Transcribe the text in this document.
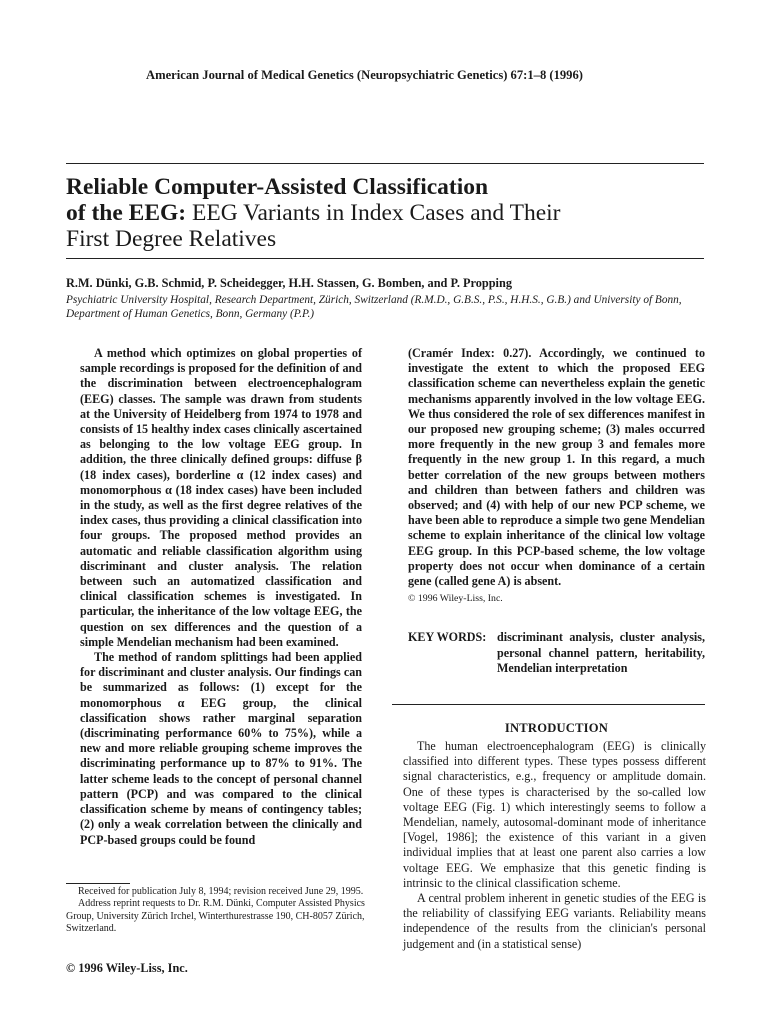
American Journal of Medical Genetics (Neuropsychiatric Genetics) 67:1–8 (1996)
Reliable Computer-Assisted Classification
of the EEG: EEG Variants in Index Cases and Their
First Degree Relatives
R.M. Dünki, G.B. Schmid, P. Scheidegger, H.H. Stassen, G. Bomben, and P. Propping
Psychiatric University Hospital, Research Department, Zürich, Switzerland (R.M.D., G.B.S., P.S., H.H.S., G.B.) and University of Bonn, Department of Human Genetics, Bonn, Germany (P.P.)

A method which optimizes on global properties of sample recordings is proposed for the definition of and the discrimination between electroencephalogram (EEG) classes. The sample was drawn from students at the University of Heidelberg from 1974 to 1978 and consists of 15 healthy index cases clinically ascertained as belonging to the low voltage EEG group. In addition, the three clinically defined groups: diffuse β (18 index cases), borderline α (12 index cases) and monomorphous α (18 index cases) have been included in the study, as well as the first degree relatives of the index cases, thus providing a clinical classification into four groups. The proposed method provides an automatic and reliable classification algorithm using discriminant and cluster analysis. The relation between such an automatized classification and clinical classification schemes is investigated. In particular, the inheritance of the low voltage EEG, the question on sex differences and the question of a simple Mendelian mechanism had been examined.

The method of random splittings had been applied for discriminant and cluster analysis. Our findings can be summarized as follows: (1) except for the monomorphous α EEG group, the clinical classification shows rather marginal separation (discriminating performance 60% to 75%), while a new and more reliable grouping scheme improves the discriminating performance up to 87% to 91%. The latter scheme leads to the concept of personal channel pattern (PCP) and was compared to the clinical classification scheme by means of contingency tables; (2) only a weak correlation between the clinically and PCP-based groups could be found

(Cramér Index: 0.27). Accordingly, we continued to investigate the extent to which the proposed EEG classification scheme can nevertheless explain the genetic mechanisms apparently involved in the low voltage EEG. We thus considered the role of sex differences manifest in our proposed new grouping scheme; (3) males occurred more frequently in the new group 3 and females more frequently in the new group 1. In this regard, a much better correlation of the new groups between mothers and children than between fathers and children was observed; and (4) with help of our new PCP scheme, we have been able to reproduce a simple two gene Mendelian scheme to explain inheritance of the clinical low voltage EEG group. In this PCP-based scheme, the low voltage property does not occur when dominance of a certain gene (called gene A) is absent.

© 1996 Wiley-Liss, Inc.
KEY WORDS: discriminant analysis, cluster analysis, personal channel pattern, heritability, Mendelian interpretation
INTRODUCTION

The human electroencephalogram (EEG) is clinically classified into different types. These types possess different signal characteristics, e.g., frequency or amplitude domain. One of these types is characterised by the so-called low voltage EEG (Fig. 1) which interestingly seems to follow a Mendelian, namely, autosomal-dominant mode of inheritance [Vogel, 1986]; the existence of this variant in a given individual implies that at least one parent also carries a low voltage EEG. We emphasize that this genetic finding is intrinsic to the clinical classification scheme.

A central problem inherent in genetic studies of the EEG is the reliability of classifying EEG variants. Reliability means independence of the results from the clinician's personal judgement and (in a statistical sense)

Received for publication July 8, 1994; revision received June 29, 1995.

Address reprint requests to Dr. R.M. Dünki, Computer Assisted Physics Group, University Zürich Irchel, Winterthurestrasse 190, CH-8057 Zürich, Switzerland.

© 1996 Wiley-Liss, Inc.
